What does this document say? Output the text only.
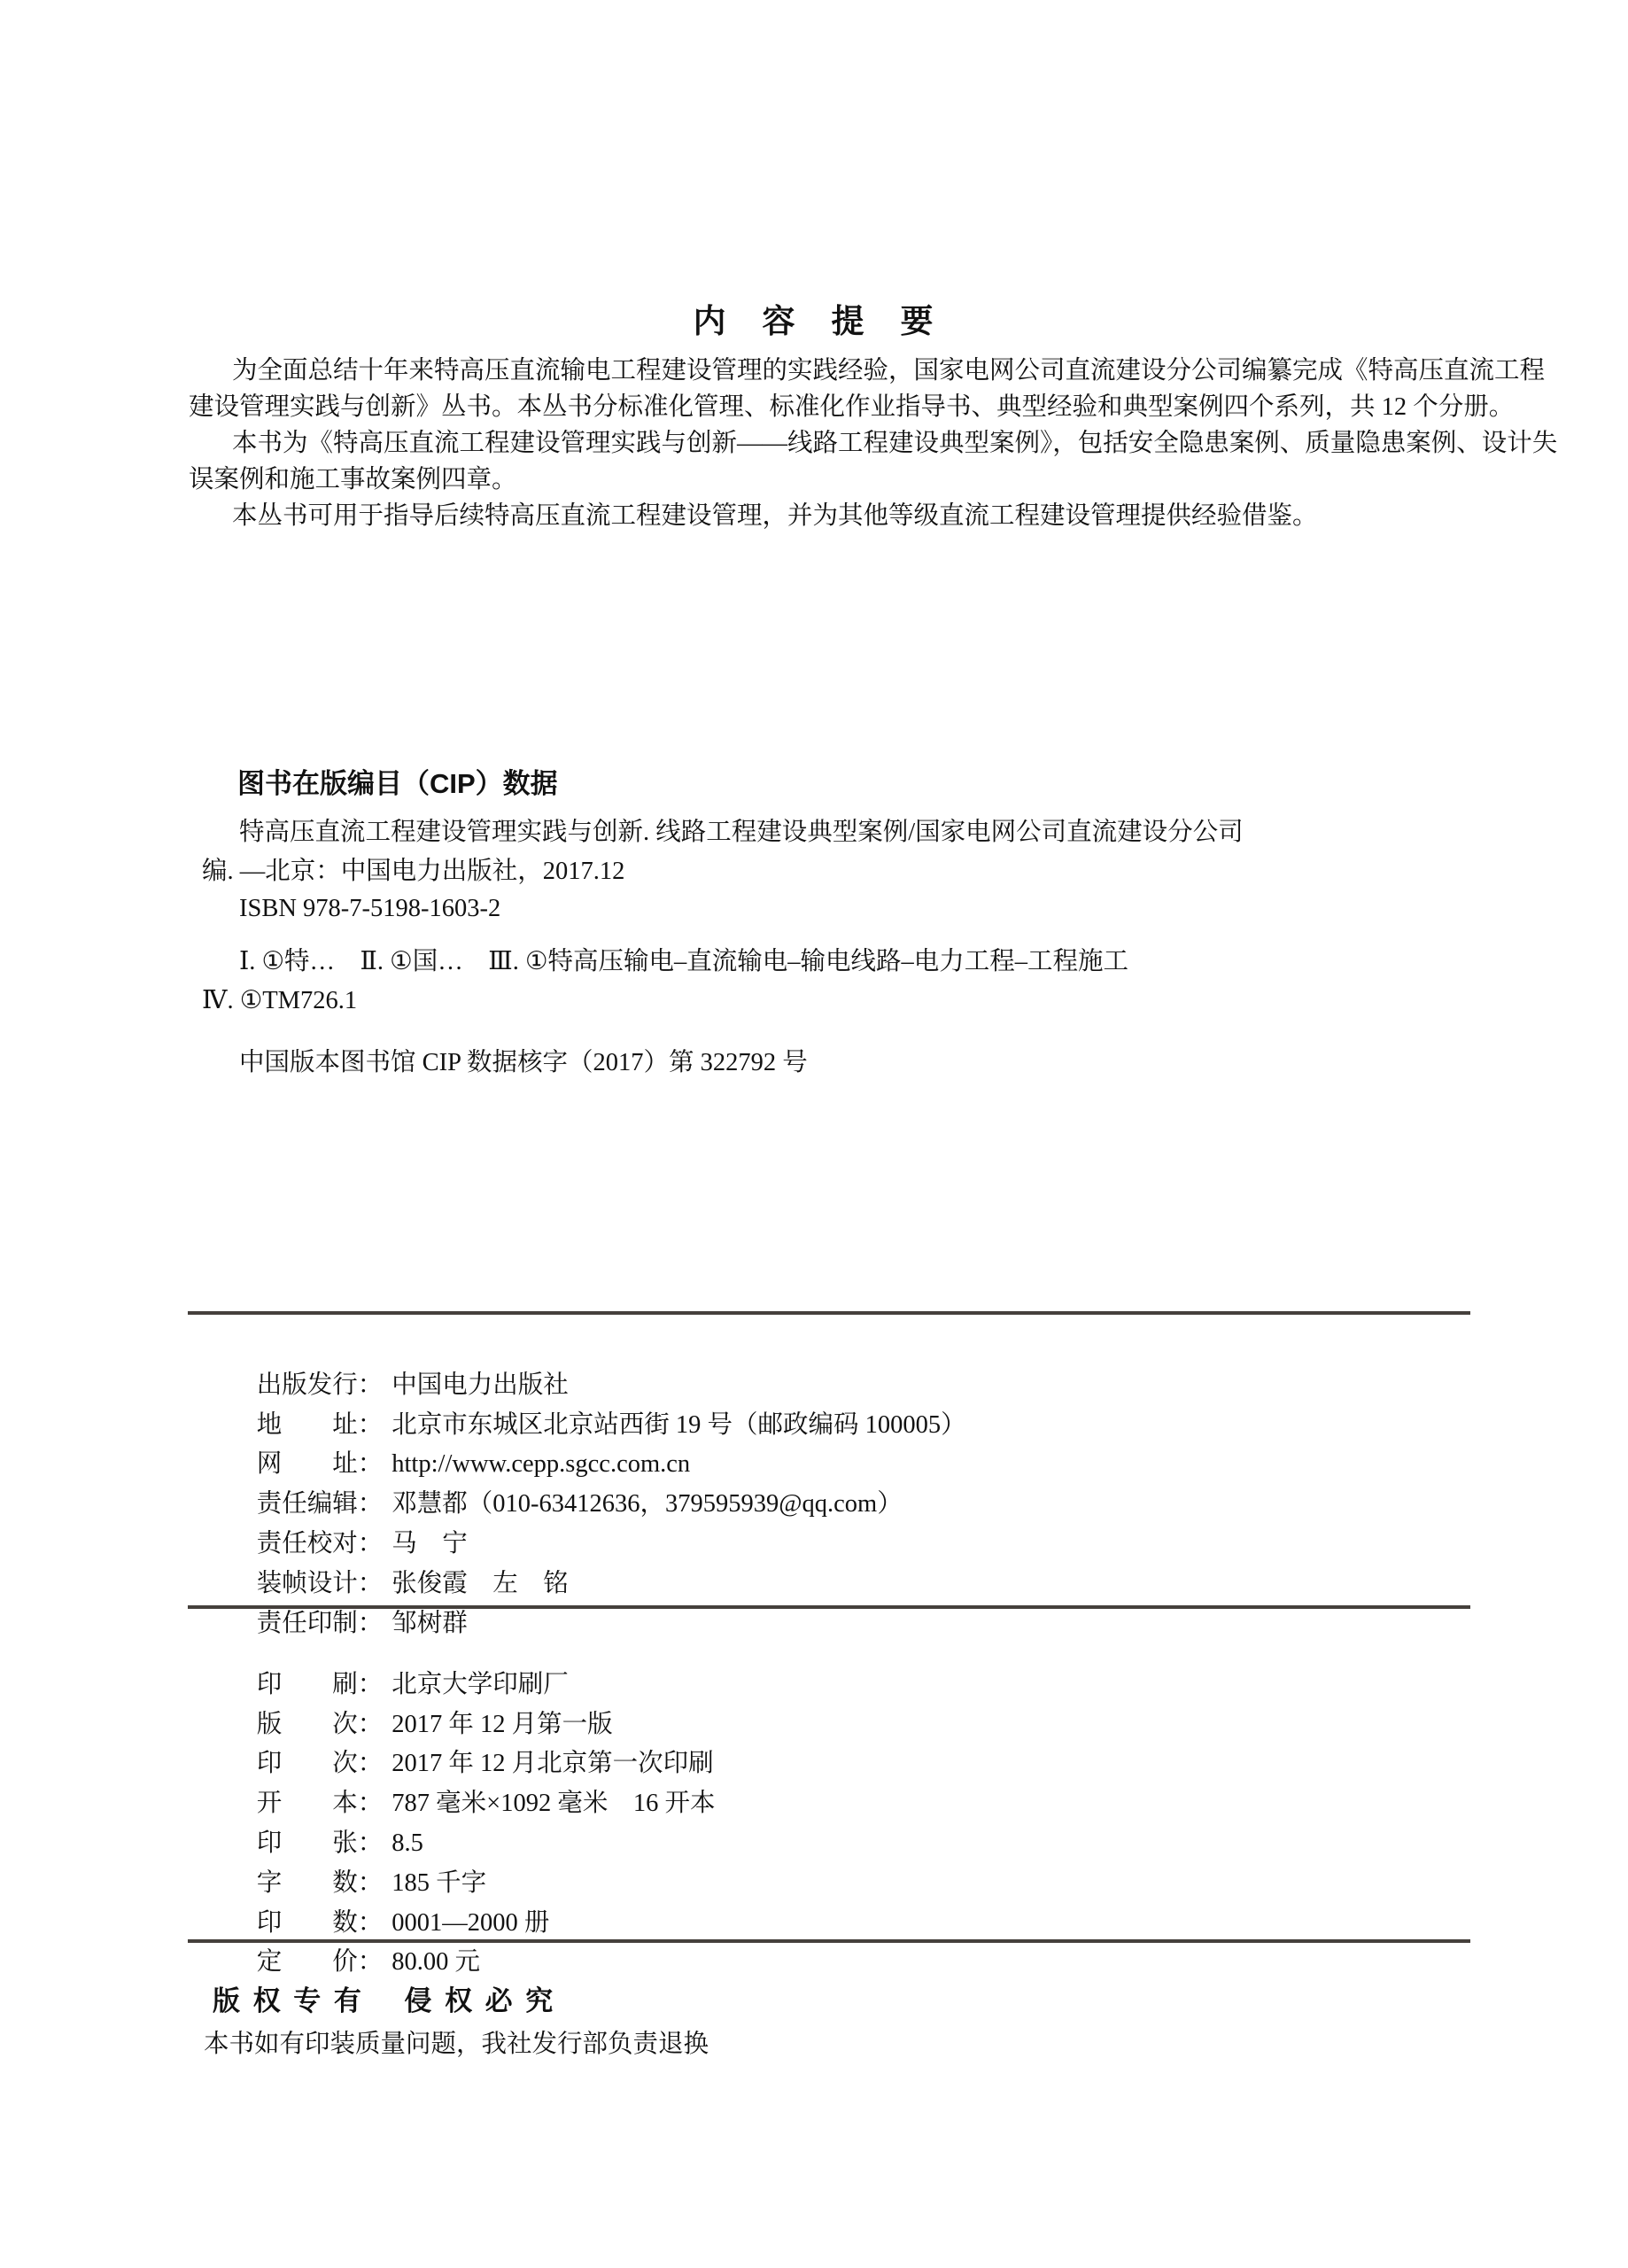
内　容　提　要
为全面总结十年来特高压直流输电工程建设管理的实践经验，国家电网公司直流建设分公司编纂完成《特高压直流工程
建设管理实践与创新》丛书。本丛书分标准化管理、标准化作业指导书、典型经验和典型案例四个系列，共 12 个分册。
本书为《特高压直流工程建设管理实践与创新——线路工程建设典型案例》，包括安全隐患案例、质量隐患案例、设计失
误案例和施工事故案例四章。
本丛书可用于指导后续特高压直流工程建设管理，并为其他等级直流工程建设管理提供经验借鉴。
图书在版编目（CIP）数据
特高压直流工程建设管理实践与创新. 线路工程建设典型案例/国家电网公司直流建设分公司
编. —北京：中国电力出版社，2017.12
ISBN 978-7-5198-1603-2
Ⅰ. ①特…　Ⅱ. ①国…　Ⅲ. ①特高压输电–直流输电–输电线路–电力工程–工程施工
Ⅳ. ①TM726.1
中国版本图书馆 CIP 数据核字（2017）第 322792 号

出版发行： 中国电力出版社

地　　址： 北京市东城区北京站西街 19 号（邮政编码 100005）

网　　址： http://www.cepp.sgcc.com.cn

责任编辑： 邓慧都（010-63412636，379595939@qq.com）

责任校对： 马　宁

装帧设计： 张俊霞　左　铭

责任印制： 邹树群

印　　刷： 北京大学印刷厂

版　　次： 2017 年 12 月第一版

印　　次： 2017 年 12 月北京第一次印刷

开　　本： 787 毫米×1092 毫米　16 开本

印　　张： 8.5

字　　数： 185 千字

印　　数： 0001—2000 册

定　　价： 80.00 元

版 权 专 有　 侵 权 必 究
本书如有印装质量问题，我社发行部负责退换
